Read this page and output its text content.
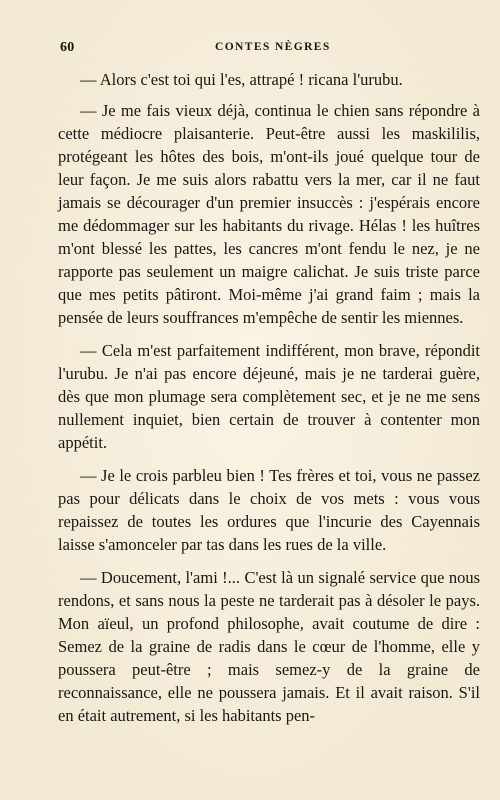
60	CONTES NÈGRES

— Alors c'est toi qui l'es, attrapé ! ricana l'urubu.

— Je me fais vieux déjà, continua le chien sans répondre à cette médiocre plaisanterie. Peut-être aussi les maskililis, protégeant les hôtes des bois, m'ont-ils joué quelque tour de leur façon. Je me suis alors rabattu vers la mer, car il ne faut jamais se décourager d'un premier insuccès : j'espérais encore me dédommager sur les habitants du rivage. Hélas ! les huîtres m'ont blessé les pattes, les cancres m'ont fendu le nez, je ne rapporte pas seulement un maigre calichat. Je suis triste parce que mes petits pâtiront. Moi-même j'ai grand faim ; mais la pensée de leurs souffrances m'empêche de sentir les miennes.

— Cela m'est parfaitement indifférent, mon brave, répondit l'urubu. Je n'ai pas encore déjeuné, mais je ne tarderai guère, dès que mon plumage sera complètement sec, et je ne me sens nullement inquiet, bien certain de trouver à contenter mon appétit.

— Je le crois parbleu bien ! Tes frères et toi, vous ne passez pas pour délicats dans le choix de vos mets : vous vous repaissez de toutes les ordures que l'incurie des Cayennais laisse s'amonceler par tas dans les rues de la ville.

— Doucement, l'ami !... C'est là un signalé service que nous rendons, et sans nous la peste ne tarderait pas à désoler le pays. Mon aïeul, un profond philosophe, avait coutume de dire : Semez de la graine de radis dans le cœur de l'homme, elle y poussera peut-être ; mais semez-y de la graine de reconnaissance, elle ne poussera jamais. Et il avait raison. S'il en était autrement, si les habitants pen-
